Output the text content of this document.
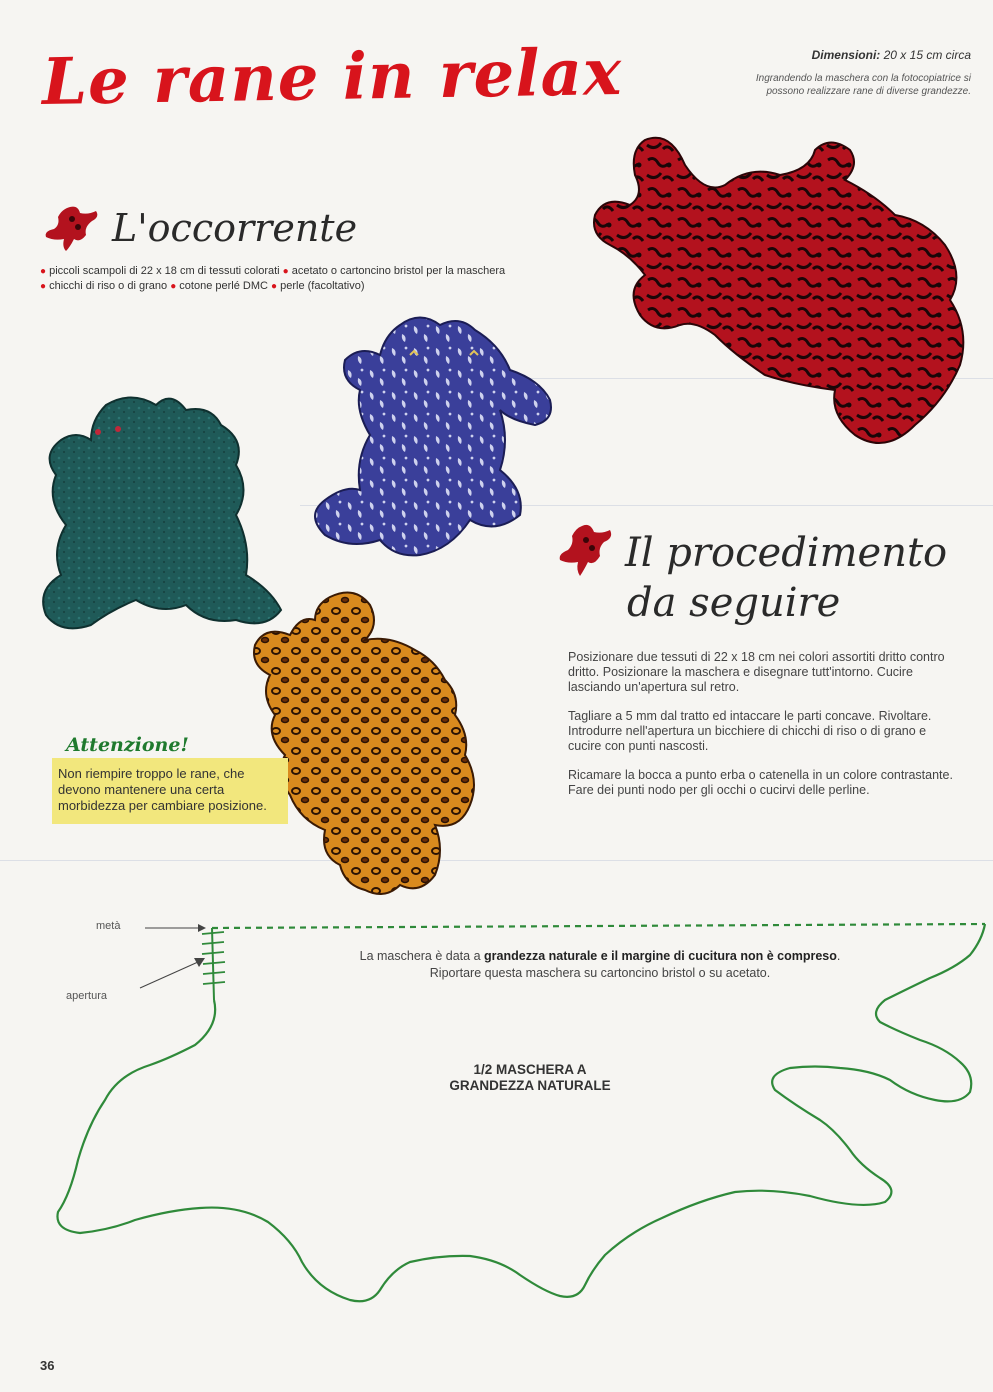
Le rane in relax	Dimensioni: 20 x 15 cm circa
Ingrandendo la maschera con la fotocopiatrice si possono realizzare rane di diverse grandezze.
L'occorrente
● piccoli scampoli di 22 x 18 cm di tessuti colorati ● acetato o cartoncino bristol per la maschera ● chicchi di riso o di grano ● cotone perlé DMC ● perle (facoltativo)
Il procedimento
da seguire

Posizionare due tessuti di 22 x 18 cm nei colori assortiti dritto contro dritto. Posizionare la maschera e disegnare tutt'intorno. Cucire lasciando un'apertura sul retro.

Tagliare a 5 mm dal tratto ed intaccare le parti concave. Rivoltare. Introdurre nell'apertura un bicchiere di chicchi di riso o di grano e cucire con punti nascosti.

Ricamare la bocca a punto erba o catenella in un colore contrastante. Fare dei punti nodo per gli occhi o cucirvi delle perline.

Attenzione!
Non riempire troppo le rane, che devono mantenere una certa morbidezza per cambiare posizione.
metà
apertura
La maschera è data a grandezza naturale e il margine di cucitura non è compreso.
Riportare questa maschera su cartoncino bristol o su acetato.
1/2 MASCHERA A
GRANDEZZA NATURALE
36
